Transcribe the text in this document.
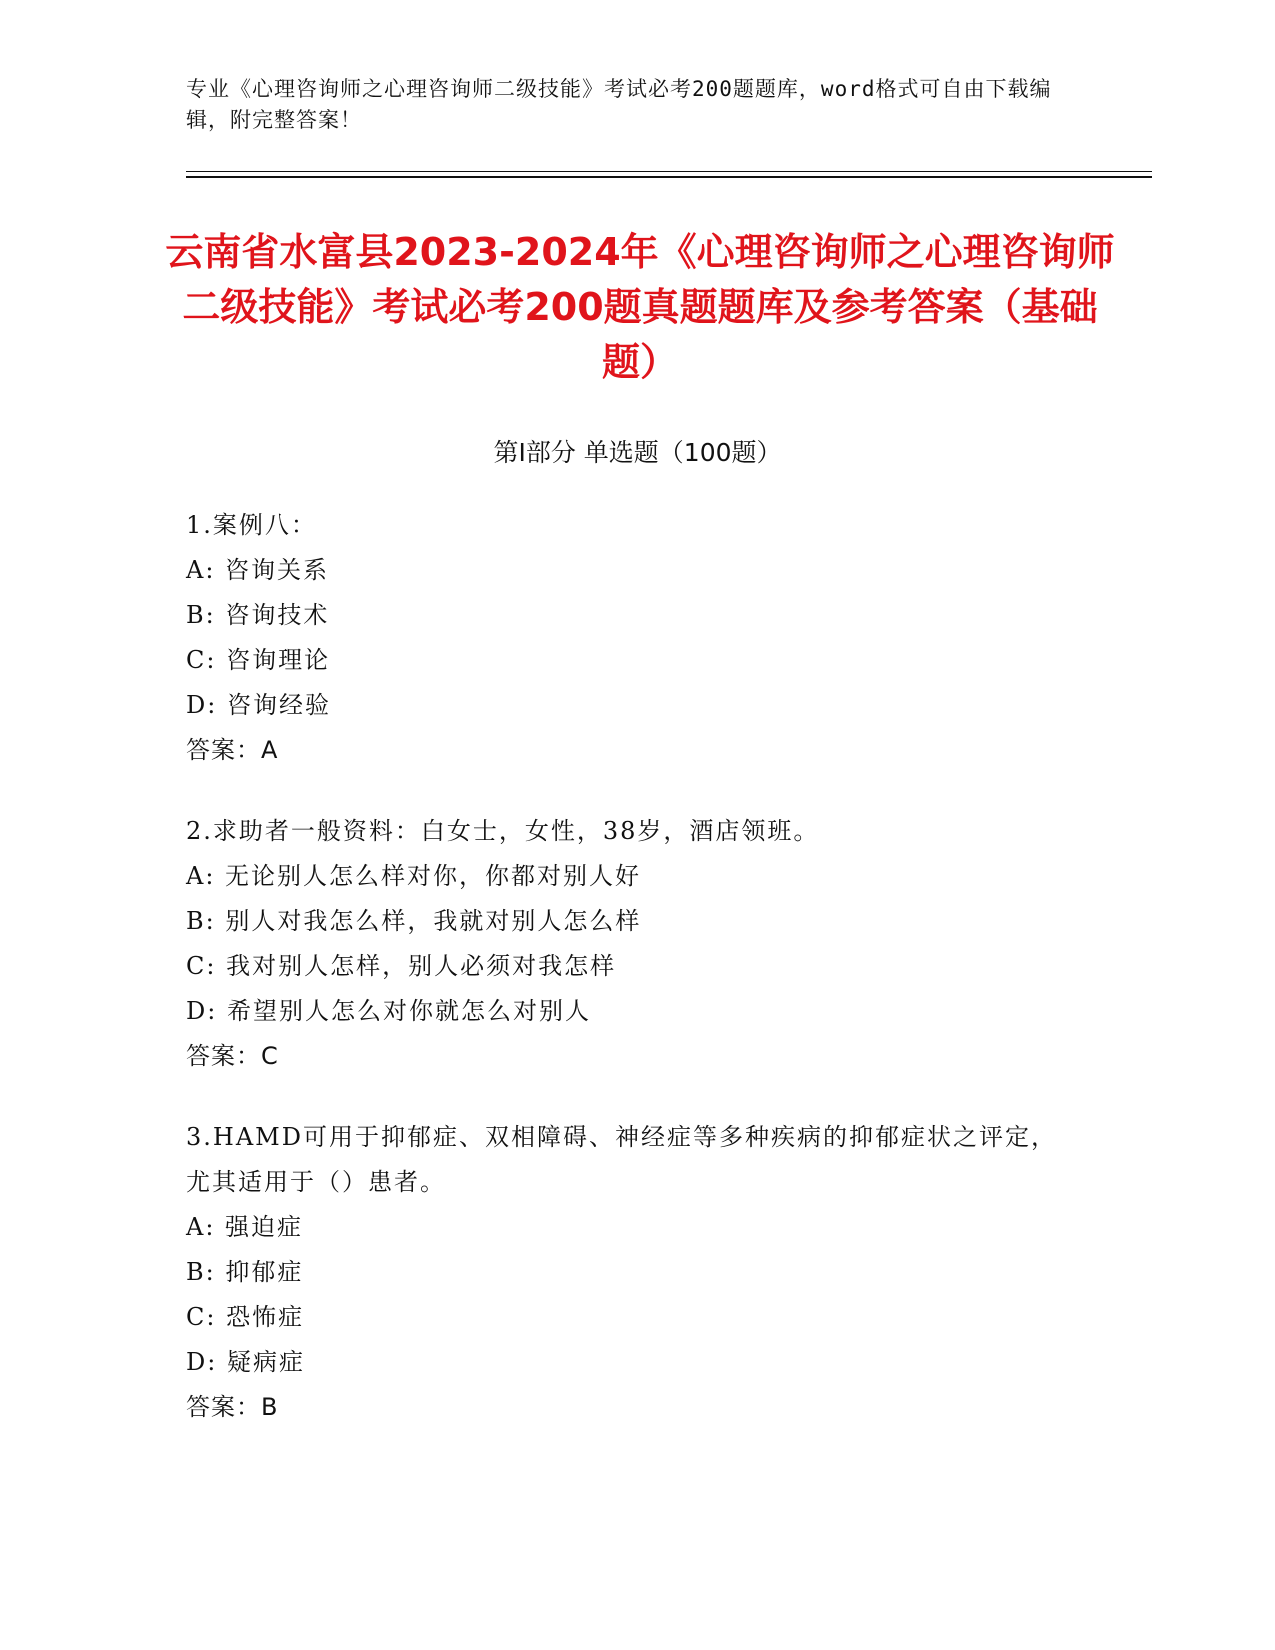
专业《心理咨询师之心理咨询师二级技能》考试必考200题题库，word格式可自由下载编辑，附完整答案！
云南省水富县2023-2024年《心理咨询师之心理咨询师二级技能》考试必考200题真题题库及参考答案（基础题）
第I部分 单选题（100题）

1.案例八：

A: 咨询关系

B: 咨询技术

C: 咨询理论

D: 咨询经验

答案：A

2.求助者一般资料：白女士，女性，38岁，酒店领班。

A: 无论别人怎么样对你，你都对别人好

B: 别人对我怎么样，我就对别人怎么样

C: 我对别人怎样，别人必须对我怎样

D: 希望别人怎么对你就怎么对别人

答案：C

3.HAMD可用于抑郁症、双相障碍、神经症等多种疾病的抑郁症状之评定，尤其适用于（）患者。

A: 强迫症

B: 抑郁症

C: 恐怖症

D: 疑病症

答案：B
